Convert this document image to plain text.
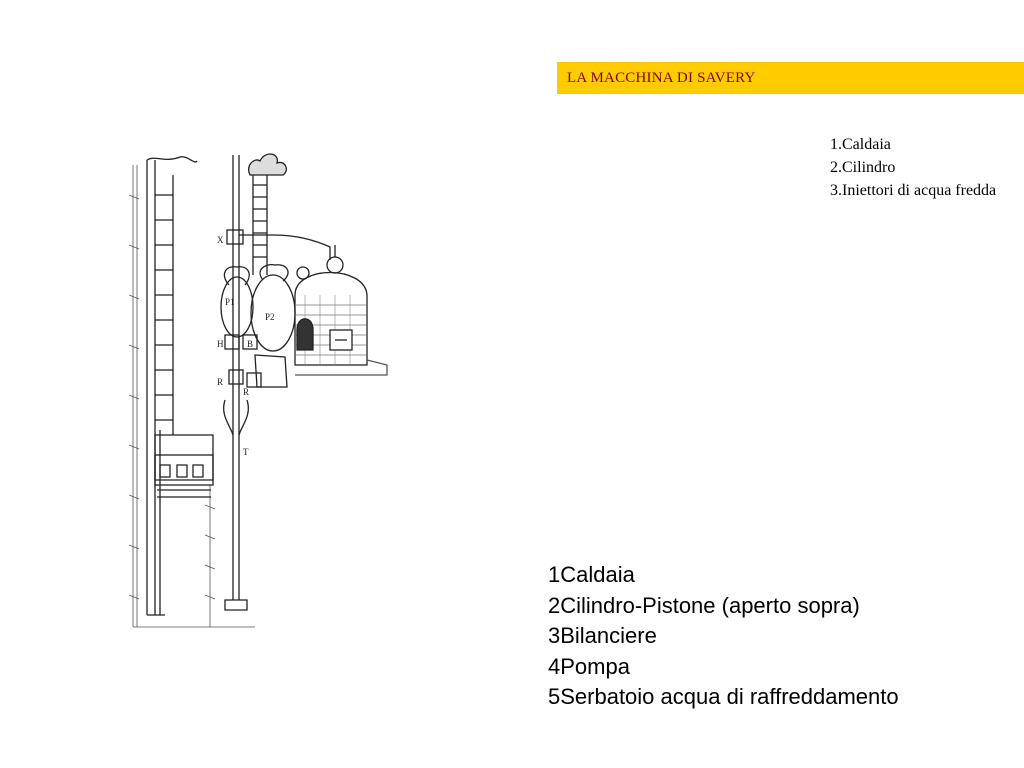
LA MACCHINA DI SAVERY
1.Caldaia
2.Cilindro
3.Iniettori di acqua fredda
1Caldaia
2Cilindro-Pistone (aperto sopra)
3Bilanciere
4Pompa
5Serbatoio acqua di raffreddamento
X
P1
P2
H	B
R
R
T
